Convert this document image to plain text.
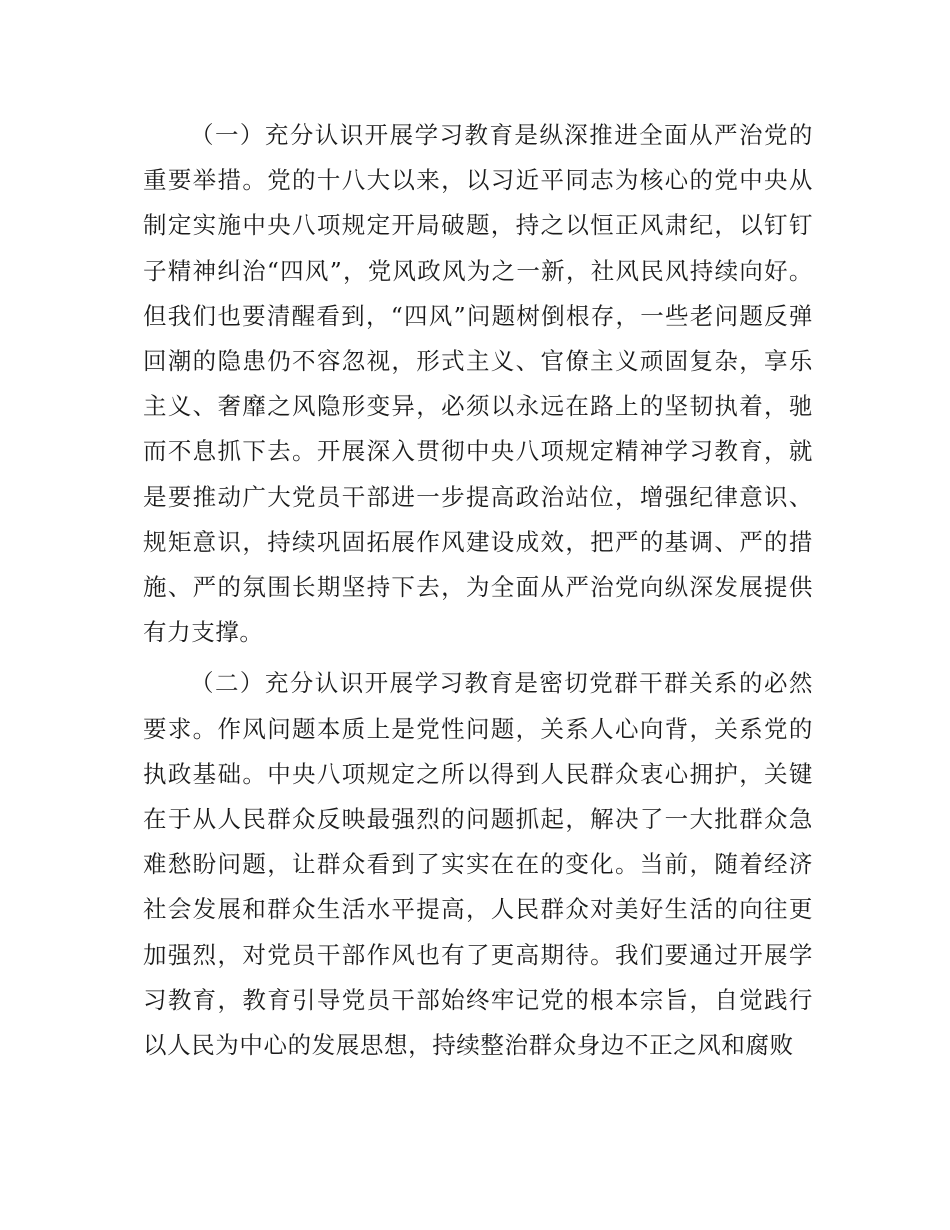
（一）充分认识开展学习教育是纵深推进全面从严治党的重要举措。党的十八大以来，以习近平同志为核心的党中央从制定实施中央八项规定开局破题，持之以恒正风肃纪，以钉钉子精神纠治“四风”，党风政风为之一新，社风民风持续向好。但我们也要清醒看到，“四风”问题树倒根存，一些老问题反弹回潮的隐患仍不容忽视，形式主义、官僚主义顽固复杂，享乐主义、奢靡之风隐形变异，必须以永远在路上的坚韧执着，驰而不息抓下去。开展深入贯彻中央八项规定精神学习教育，就是要推动广大党员干部进一步提高政治站位，增强纪律意识、规矩意识，持续巩固拓展作风建设成效，把严的基调、严的措施、严的氛围长期坚持下去，为全面从严治党向纵深发展提供有力支撑。

（二）充分认识开展学习教育是密切党群干群关系的必然要求。作风问题本质上是党性问题，关系人心向背，关系党的执政基础。中央八项规定之所以得到人民群众衷心拥护，关键在于从人民群众反映最强烈的问题抓起，解决了一大批群众急难愁盼问题，让群众看到了实实在在的变化。当前，随着经济社会发展和群众生活水平提高，人民群众对美好生活的向往更加强烈，对党员干部作风也有了更高期待。我们要通过开展学习教育，教育引导党员干部始终牢记党的根本宗旨，自觉践行以人民为中心的发展思想，持续整治群众身边不正之风和腐败
